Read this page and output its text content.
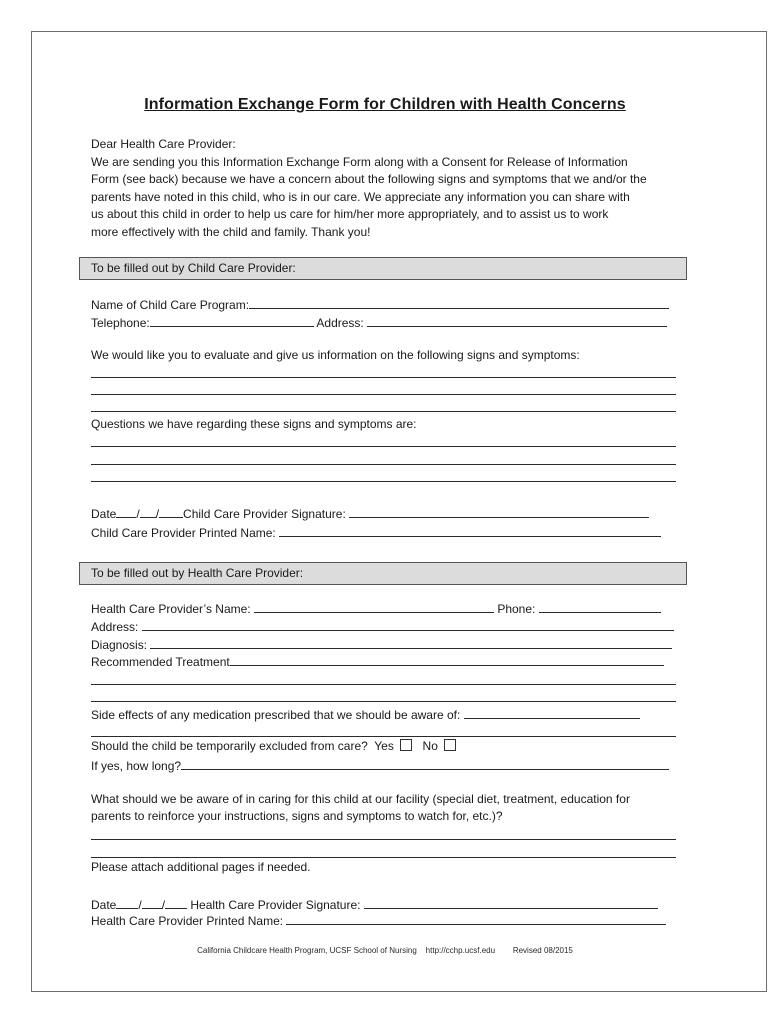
Information Exchange Form for Children with Health Concerns
Dear Health Care Provider:
We are sending you this Information Exchange Form along with a Consent for Release of Information
Form (see back) because we have a concern about the following signs and symptoms that we and/or the
parents have noted in this child, who is in our care. We appreciate any information you can share with
us about this child in order to help us care for him/her more appropriately, and to assist us to work
more effectively with the child and family. Thank you!
To be filled out by Child Care Provider:
Name of Child Care Program:
Telephone:	Address:
We would like you to evaluate and give us information on the following signs and symptoms:
Questions we have regarding these signs and symptoms are:
Date / / Child Care Provider Signature:
Child Care Provider Printed Name:
To be filled out by Health Care Provider:
Health Care Provider’s Name:	Phone:
Address:
Diagnosis:
Recommended Treatment
Side effects of any medication prescribed that we should be aware of:
Should the child be temporarily excluded from care? Yes No
If yes, how long?
What should we be aware of in caring for this child at our facility (special diet, treatment, education for
parents to reinforce your instructions, signs and symptoms to watch for, etc.)?
Please attach additional pages if needed.
Date / / Health Care Provider Signature:
Health Care Provider Printed Name:
California Childcare Health Program, UCSF School of Nursing http://cchp.ucsf.edu Revised 08/2015
